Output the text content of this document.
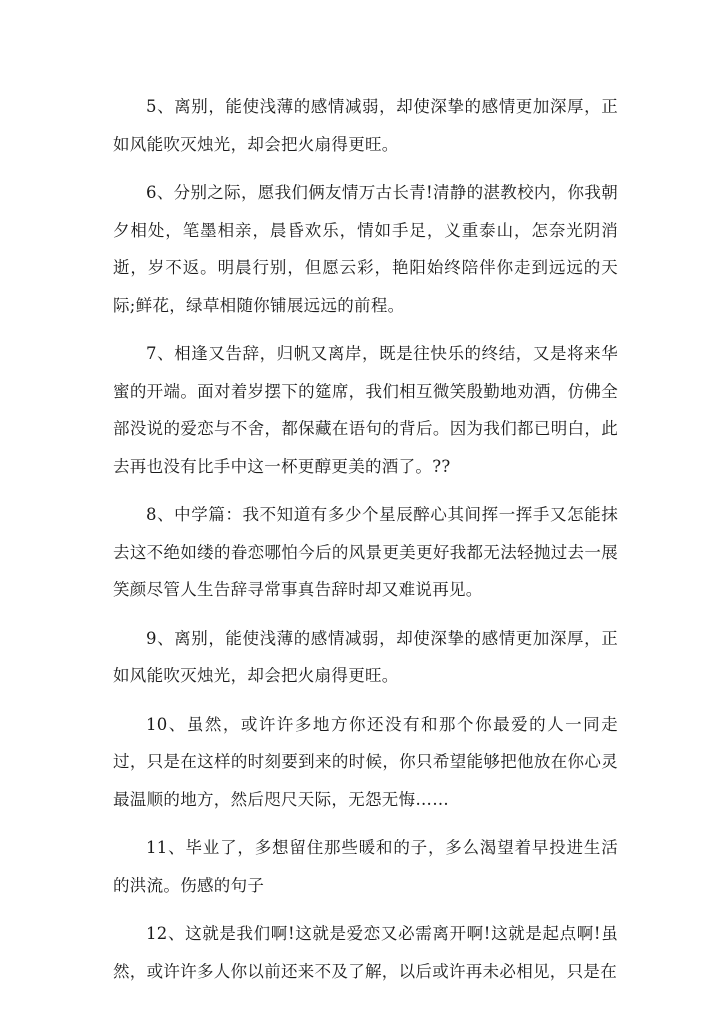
5、离别，能使浅薄的感情减弱，却使深挚的感情更加深厚，正如风能吹灭烛光，却会把火扇得更旺。

6、分别之际，愿我们俩友情万古长青!清静的湛教校内，你我朝夕相处，笔墨相亲，晨昏欢乐，情如手足，义重泰山，怎奈光阴消逝，岁不返。明晨行别，但愿云彩，艳阳始终陪伴你走到远远的天际;鲜花，绿草相随你铺展远远的前程。

7、相逢又告辞，归帆又离岸，既是往快乐的终结，又是将来华蜜的开端。面对着岁摆下的筵席，我们相互微笑殷勤地劝酒，仿佛全部没说的爱恋与不舍，都保藏在语句的背后。因为我们都已明白，此去再也没有比手中这一杯更醇更美的酒了。??

8、中学篇：我不知道有多少个星辰醉心其间挥一挥手又怎能抹去这不绝如缕的眷恋哪怕今后的风景更美更好我都无法轻抛过去一展笑颜尽管人生告辞寻常事真告辞时却又难说再见。

9、离别，能使浅薄的感情减弱，却使深挚的感情更加深厚，正如风能吹灭烛光，却会把火扇得更旺。

10、虽然，或许许多地方你还没有和那个你最爱的人一同走过，只是在这样的时刻要到来的时候，你只希望能够把他放在你心灵最温顺的地方，然后咫尺天际，无怨无悔……

11、毕业了，多想留住那些暖和的子，多么渴望着早投进生活的洪流。伤感的句子

12、这就是我们啊!这就是爱恋又必需离开啊!这就是起点啊!虽然，或许许多人你以前还来不及了解，以后或许再未必相见，只是在
